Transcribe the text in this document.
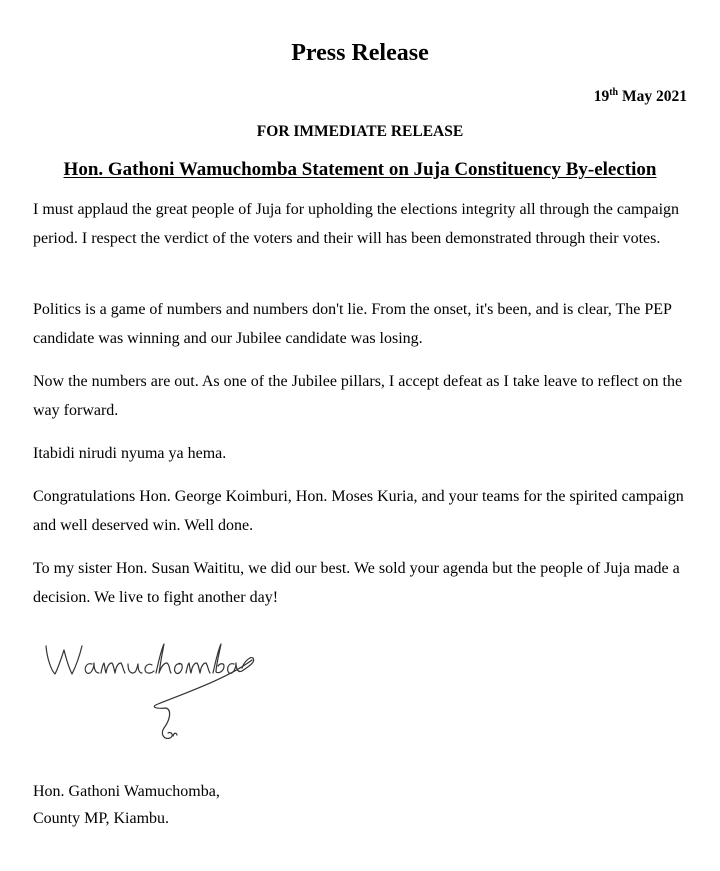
Press Release
19th May 2021
FOR IMMEDIATE RELEASE
Hon. Gathoni Wamuchomba Statement on Juja Constituency By-election

I must applaud the great people of Juja for upholding the elections integrity all through the campaign period. I respect the verdict of the voters and their will has been demonstrated through their votes.

Politics is a game of numbers and numbers don't lie. From the onset, it's been, and is clear, The PEP candidate was winning and our Jubilee candidate was losing.

Now the numbers are out. As one of the Jubilee pillars, I accept defeat as I take leave to reflect on the way forward.

Itabidi nirudi nyuma ya hema.

Congratulations Hon. George Koimburi, Hon. Moses Kuria, and your teams for the spirited campaign and well deserved win. Well done.

To my sister Hon. Susan Waititu, we did our best. We sold your agenda but the people of Juja made a decision. We live to fight another day!

Hon. Gathoni Wamuchomba,
County MP, Kiambu.
